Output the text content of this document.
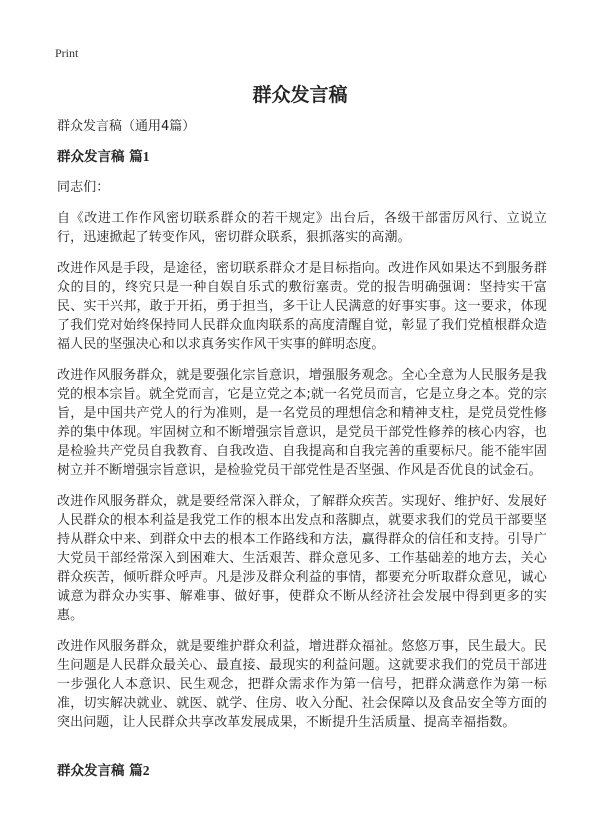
Print
群众发言稿

群众发言稿（通用4篇）

群众发言稿 篇1

同志们：

自《改进工作作风密切联系群众的若干规定》出台后，各级干部雷厉风行、立说立行，迅速掀起了转变作风，密切群众联系，狠抓落实的高潮。

改进作风是手段，是途径，密切联系群众才是目标指向。改进作风如果达不到服务群众的目的，终究只是一种自娱自乐式的敷衍塞责。党的报告明确强调：坚持实干富民、实干兴邦，敢于开拓，勇于担当，多干让人民满意的好事实事。这一要求，体现了我们党对始终保持同人民群众血肉联系的高度清醒自觉，彰显了我们党植根群众造福人民的坚强决心和以求真务实作风干实事的鲜明态度。

改进作风服务群众，就是要强化宗旨意识，增强服务观念。全心全意为人民服务是我党的根本宗旨。就全党而言，它是立党之本;就一名党员而言，它是立身之本。党的宗旨，是中国共产党人的行为准则，是一名党员的理想信念和精神支柱，是党员党性修养的集中体现。牢固树立和不断增强宗旨意识，是党员干部党性修养的核心内容，也是检验共产党员自我教育、自我改造、自我提高和自我完善的重要标尺。能不能牢固树立并不断增强宗旨意识，是检验党员干部党性是否坚强、作风是否优良的试金石。

改进作风服务群众，就是要经常深入群众，了解群众疾苦。实现好、维护好、发展好人民群众的根本利益是我党工作的根本出发点和落脚点，就要求我们的党员干部要坚持从群众中来、到群众中去的根本工作路线和方法，赢得群众的信任和支持。引导广大党员干部经常深入到困难大、生活艰苦、群众意见多、工作基础差的地方去，关心群众疾苦，倾听群众呼声。凡是涉及群众利益的事情，都要充分听取群众意见，诚心诚意为群众办实事、解难事、做好事，使群众不断从经济社会发展中得到更多的实惠。

改进作风服务群众，就是要维护群众利益，增进群众福祉。悠悠万事，民生最大。民生问题是人民群众最关心、最直接、最现实的利益问题。这就要求我们的党员干部进一步强化人本意识、民生观念，把群众需求作为第一信号，把群众满意作为第一标准，切实解决就业、就医、就学、住房、收入分配、社会保障以及食品安全等方面的突出问题，让人民群众共享改革发展成果，不断提升生活质量、提高幸福指数。

群众发言稿 篇2
